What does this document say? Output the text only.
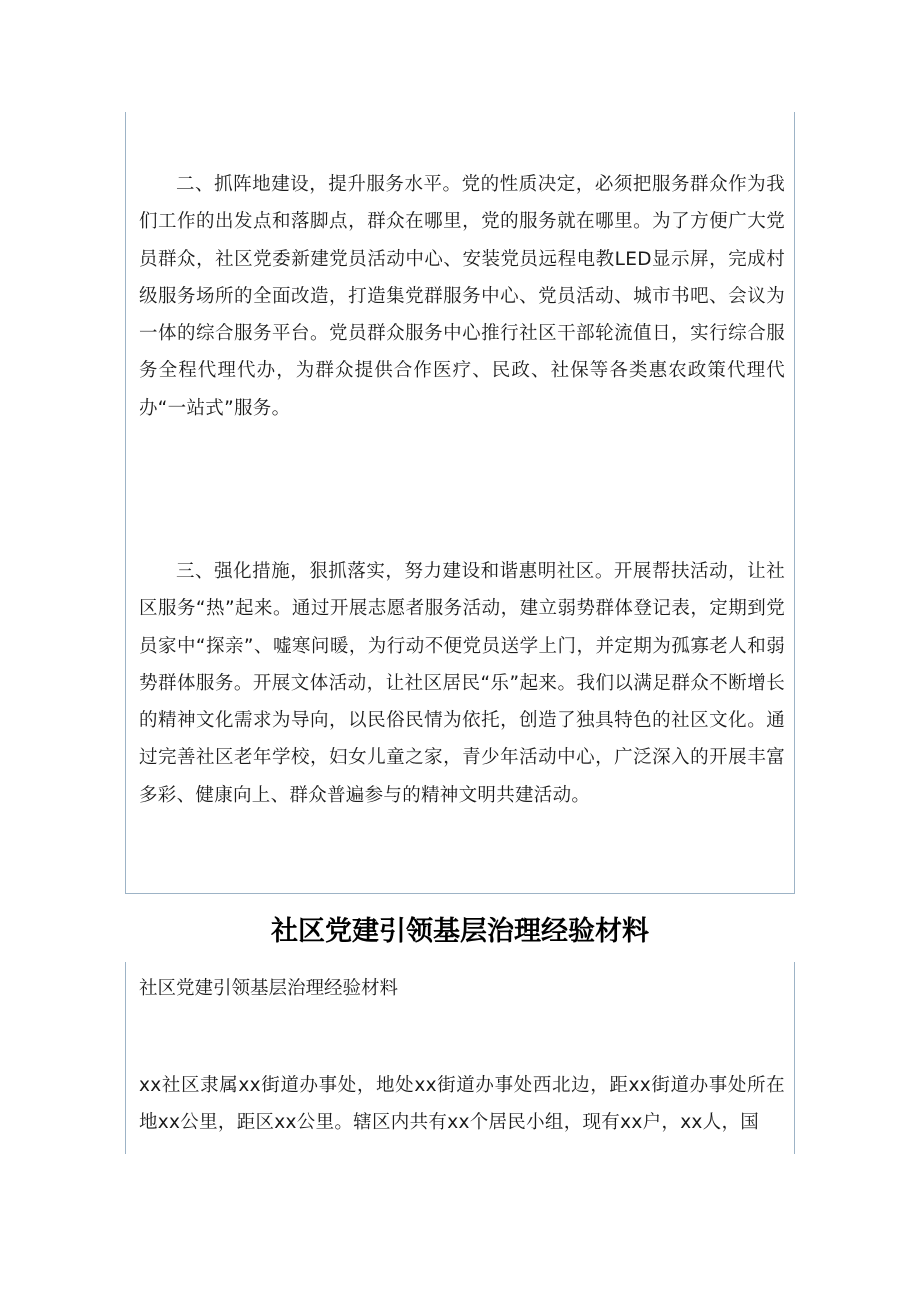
二、抓阵地建设，提升服务水平。党的性质决定，必须把服务群众作为我们工作的出发点和落脚点，群众在哪里，党的服务就在哪里。为了方便广大党员群众，社区党委新建党员活动中心、安装党员远程电教LED显示屏，完成村级服务场所的全面改造，打造集党群服务中心、党员活动、城市书吧、会议为一体的综合服务平台。党员群众服务中心推行社区干部轮流值日，实行综合服务全程代理代办，为群众提供合作医疗、民政、社保等各类惠农政策代理代办“一站式”服务。

三、强化措施，狠抓落实，努力建设和谐惠明社区。开展帮扶活动，让社区服务“热”起来。通过开展志愿者服务活动，建立弱势群体登记表，定期到党员家中“探亲”、嘘寒问暖，为行动不便党员送学上门，并定期为孤寡老人和弱势群体服务。开展文体活动，让社区居民“乐”起来。我们以满足群众不断增长的精神文化需求为导向，以民俗民情为依托，创造了独具特色的社区文化。通过完善社区老年学校，妇女儿童之家，青少年活动中心，广泛深入的开展丰富多彩、健康向上、群众普遍参与的精神文明共建活动。

社区党建引领基层治理经验材料

社区党建引领基层治理经验材料

xx社区隶属xx街道办事处，地处xx街道办事处西北边，距xx街道办事处所在地xx公里，距区xx公里。辖区内共有xx个居民小组，现有xx户，xx人，国
